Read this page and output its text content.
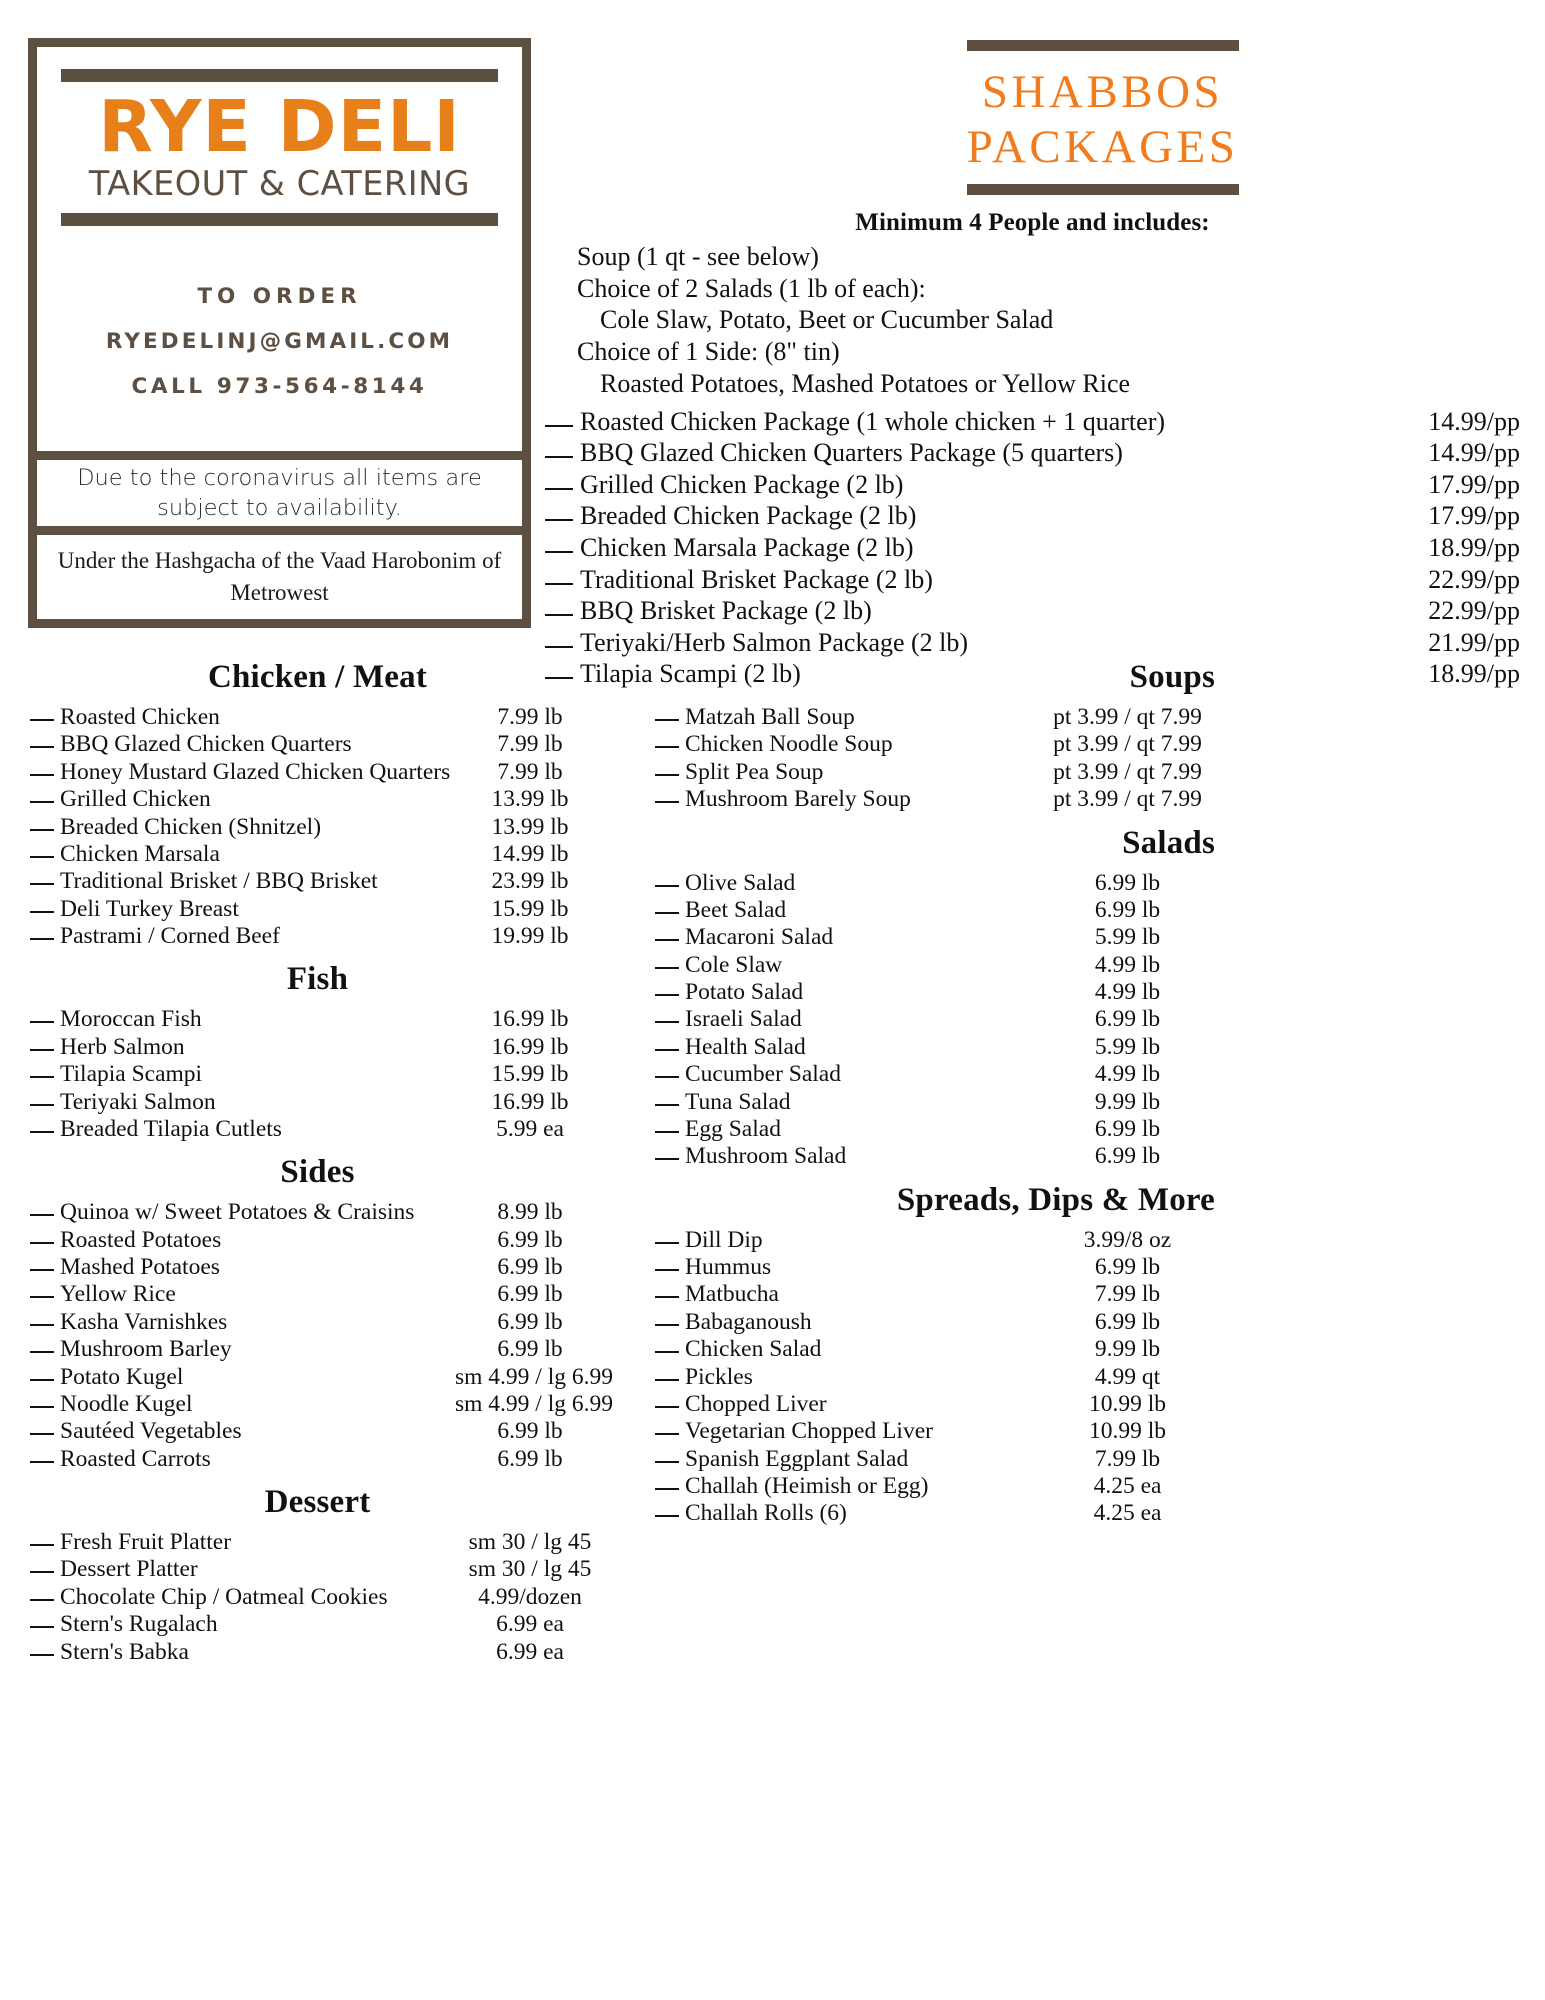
RYE DELI
TAKEOUT & CATERING
TO ORDER
RYEDELINJ@GMAIL.COM
CALL 973-564-8144
Due to the coronavirus all items are subject to availability.
Under the Hashgacha of the Vaad Harobonim of Metrowest
SHABBOS
PACKAGES
Minimum 4 People and includes:
Soup (1 qt - see below)
Choice of 2 Salads (1 lb of each):
Cole Slaw, Potato, Beet or Cucumber Salad
Choice of 1 Side: (8" tin)
Roasted Potatoes, Mashed Potatoes or Yellow Rice
Roasted Chicken Package (1 whole chicken + 1 quarter)	14.99/pp
BBQ Glazed Chicken Quarters Package (5 quarters)	14.99/pp
Grilled Chicken Package (2 lb)	17.99/pp
Breaded Chicken Package (2 lb)	17.99/pp
Chicken Marsala Package (2 lb)	18.99/pp
Traditional Brisket Package (2 lb)	22.99/pp
BBQ Brisket Package (2 lb)	22.99/pp
Teriyaki/Herb Salmon Package (2 lb)	21.99/pp
Tilapia Scampi (2 lb)	18.99/pp
Chicken / Meat
Roasted Chicken	7.99 lb
BBQ Glazed Chicken Quarters	7.99 lb
Honey Mustard Glazed Chicken Quarters	7.99 lb
Grilled Chicken	13.99 lb
Breaded Chicken (Shnitzel)	13.99 lb
Chicken Marsala	14.99 lb
Traditional Brisket / BBQ Brisket	23.99 lb
Deli Turkey Breast	15.99 lb
Pastrami / Corned Beef	19.99 lb
Fish
Moroccan Fish	16.99 lb
Herb Salmon	16.99 lb
Tilapia Scampi	15.99 lb
Teriyaki Salmon	16.99 lb
Breaded Tilapia Cutlets	5.99 ea
Sides
Quinoa w/ Sweet Potatoes & Craisins	8.99 lb
Roasted Potatoes	6.99 lb
Mashed Potatoes	6.99 lb
Yellow Rice	6.99 lb
Kasha Varnishkes	6.99 lb
Mushroom Barley	6.99 lb
Potato Kugel	sm 4.99 / lg 6.99
Noodle Kugel	sm 4.99 / lg 6.99
Sautéed Vegetables	6.99 lb
Roasted Carrots	6.99 lb
Dessert
Fresh Fruit Platter	sm 30 / lg 45
Dessert Platter	sm 30 / lg 45
Chocolate Chip / Oatmeal Cookies	4.99/dozen
Stern's Rugalach	6.99 ea
Stern's Babka	6.99 ea
Soups
Matzah Ball Soup	pt 3.99 / qt 7.99
Chicken Noodle Soup	pt 3.99 / qt 7.99
Split Pea Soup	pt 3.99 / qt 7.99
Mushroom Barely Soup	pt 3.99 / qt 7.99
Salads
Olive Salad	6.99 lb
Beet Salad	6.99 lb
Macaroni Salad	5.99 lb
Cole Slaw	4.99 lb
Potato Salad	4.99 lb
Israeli Salad	6.99 lb
Health Salad	5.99 lb
Cucumber Salad	4.99 lb
Tuna Salad	9.99 lb
Egg Salad	6.99 lb
Mushroom Salad	6.99 lb
Spreads, Dips & More
Dill Dip	3.99/8 oz
Hummus	6.99 lb
Matbucha	7.99 lb
Babaganoush	6.99 lb
Chicken Salad	9.99 lb
Pickles	4.99 qt
Chopped Liver	10.99 lb
Vegetarian Chopped Liver	10.99 lb
Spanish Eggplant Salad	7.99 lb
Challah (Heimish or Egg)	4.25 ea
Challah Rolls (6)	4.25 ea
